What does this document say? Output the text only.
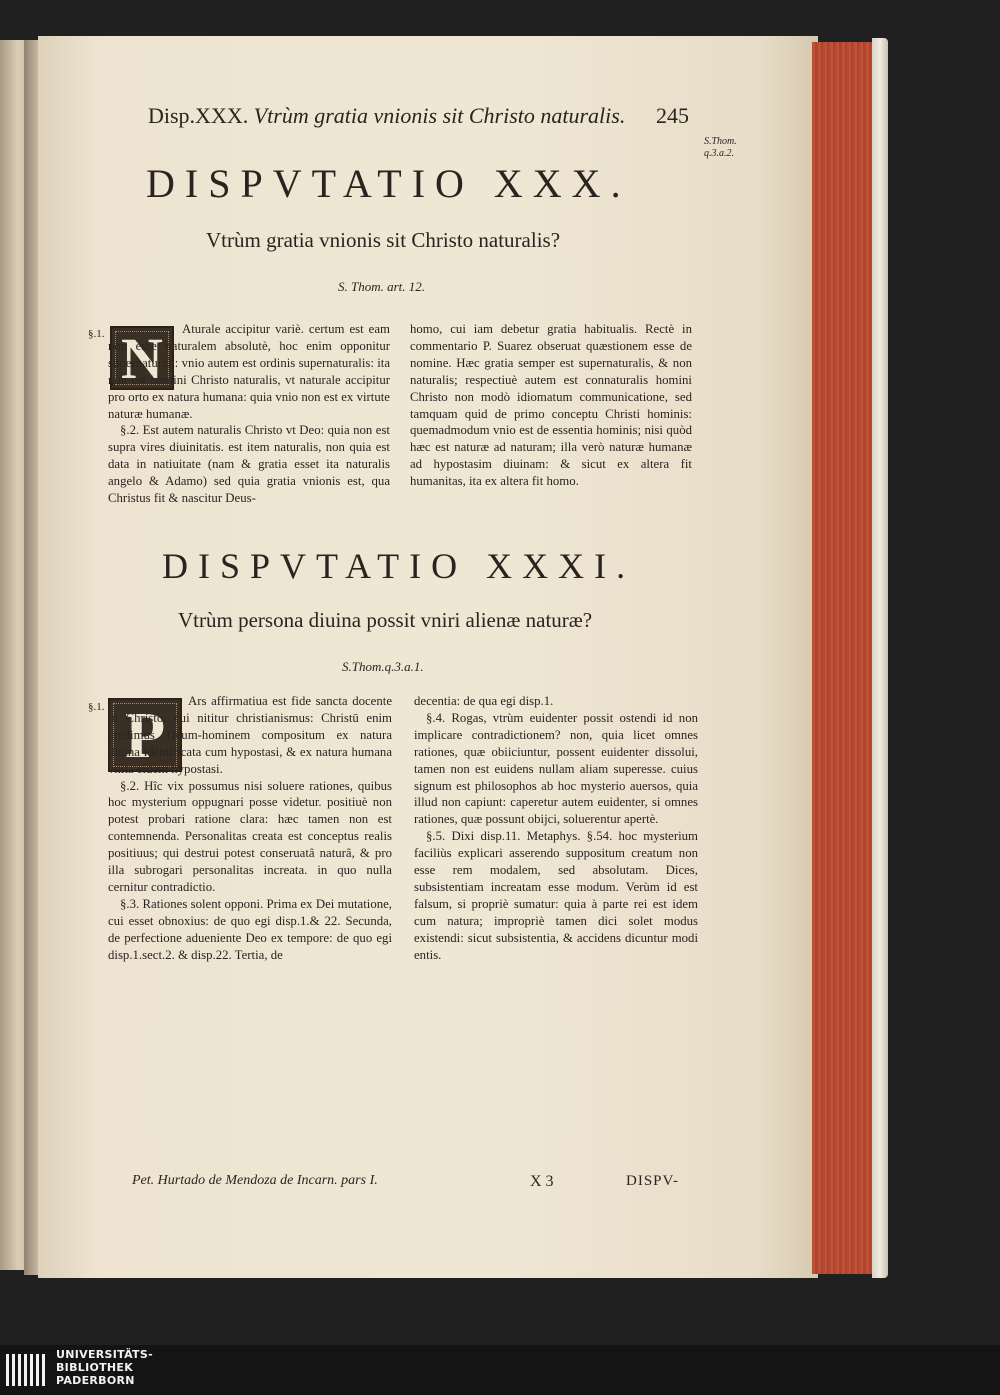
Disp.XXX. Vtrùm gratia vnionis sit Christo naturalis. 245
S.Thom.
q.3.a.2.
DISPVTATIO XXX.
Vtrùm gratia vnionis sit Christo naturalis?
S. Thom. art. 12.
§.1. N	Aturale accipitur variè. certum est eam non esse naturalem absolutè, hoc enim opponitur supernaturali: vnio autem est ordinis supernaturalis: ita non est homini Christo naturalis, vt naturale accipitur pro orto ex natura humana: quia vnio non est ex virtute naturæ humanæ.

§.2. Est autem naturalis Christo vt Deo: quia non est supra vires diuinitatis. est item naturalis, non quia est data in natiuitate (nam & gratia esset ita naturalis angelo & Adamo) sed quia gratia vnionis est, qua Christus fit & nascitur Deus-

homo, cui iam debetur gratia habitualis. Rectè in commentario P. Suarez obseruat quæstionem esse de nomine. Hæc gratia semper est supernaturalis, & non naturalis; respectiuè autem est connaturalis homini Christo non modò idiomatum communicatione, sed tamquam quid de primo conceptu Christi hominis: quemadmodum vnio est de essentia hominis; nisi quòd hæc est naturæ ad naturam; illa verò naturæ humanæ ad hypostasim diuinam: & sicut ex altera fit humanitas, ita ex altera fit homo.

DISPVTATIO XXXI.
Vtrùm persona diuina possit vniri alienæ naturæ?
S.Thom.q.3.a.1.
§.1. P	Ars affirmatiua est fide sancta docente in Christo, cui nititur christianismus: Christū enim credimus Deum-hominem compositum ex natura diuina identificata cum hypostasi, & ex natura humana vnita eidem hypostasi.

§.2. Hîc vix possumus nisi soluere rationes, quibus hoc mysterium oppugnari posse videtur. positiuè non potest probari ratione clara: hæc tamen non est contemnenda. Personalitas creata est conceptus realis positiuus; qui destrui potest conseruatâ naturâ, & pro illa subrogari personalitas increata. in quo nulla cernitur contradictio.

§.3. Rationes solent opponi. Prima ex Dei mutatione, cui esset obnoxius: de quo egi disp.1.& 22. Secunda, de perfectione adueniente Deo ex tempore: de quo egi disp.1.sect.2. & disp.22. Tertia, de

decentia: de qua egi disp.1.

§.4. Rogas, vtrùm euidenter possit ostendi id non implicare contradictionem? non, quia licet omnes rationes, quæ obiiciuntur, possent euidenter dissolui, tamen non est euidens nullam aliam superesse. cuius signum est philosophos ab hoc mysterio auersos, quia illud non capiunt: caperetur autem euidenter, si omnes rationes, quæ possunt obijci, soluerentur apertè.

§.5. Dixi disp.11. Metaphys. §.54. hoc mysterium faciliùs explicari asserendo suppositum creatum non esse rem modalem, sed absolutam. Dices, subsistentiam increatam esse modum. Verùm id est falsum, si propriè sumatur: quia à parte rei est idem cum natura; impropriè tamen dici solet modus existendi: sicut subsistentia, & accidens dicuntur modi entis.

Pet. Hurtado de Mendoza de Incarn. pars I.	X 3	DISPV-
UNIVERSITÄTS-
BIBLIOTHEK
PADERBORN
